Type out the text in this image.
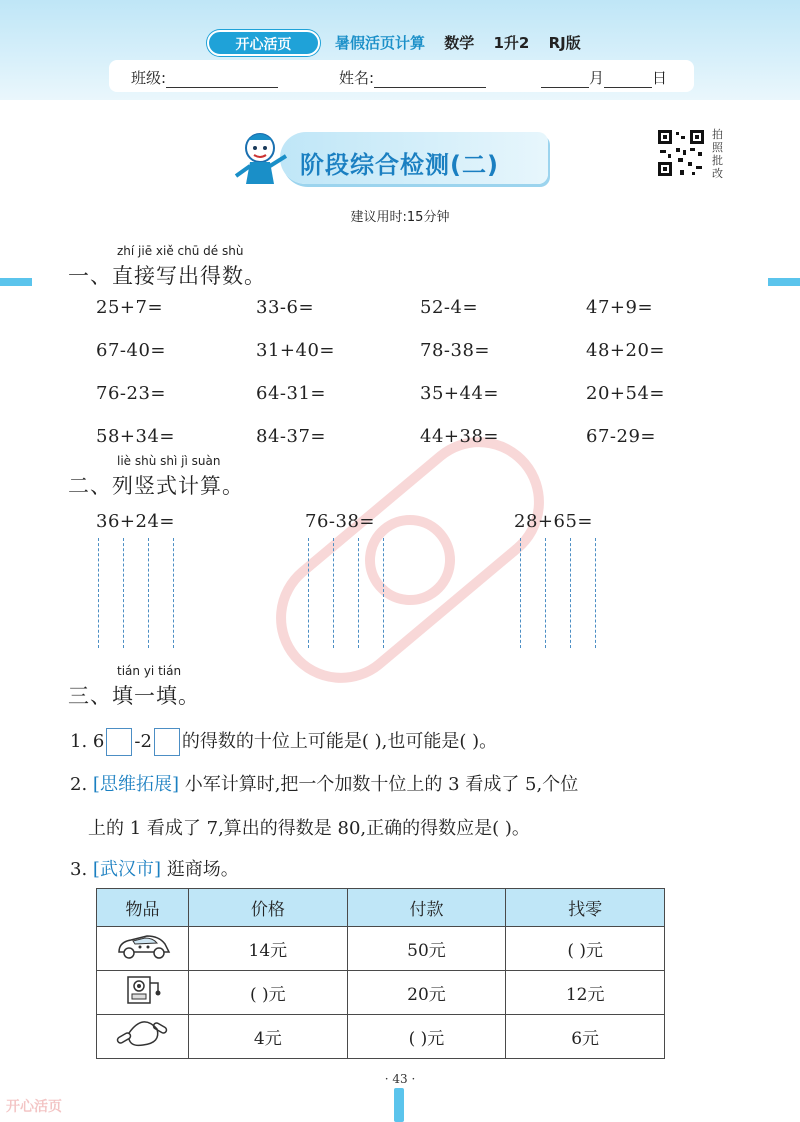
开心活页	暑假活页计算 数学 1升2 RJ版
班级:	姓名:	月	日
阶段综合检测(二)
拍照批改
建议用时:15分钟
zhí jiē xiě chū dé shù
一、直接写出得数。
25+7=	33-6=	52-4=	47+9=
67-40=	31+40=	78-38=	48+20=
76-23=	64-31=	35+44=	20+54=
58+34=	84-37=	44+38=	67-29=
liè shù shì jì suàn
二、列竖式计算。
36+24=	76-38=	28+65=
tián yi tián
三、填一填。
1. 6 -2 的得数的十位上可能是( ),也可能是( )。
2. [思维拓展] 小军计算时,把一个加数十位上的 3 看成了 5,个位
上的 1 看成了 7,算出的得数是 80,正确的得数应是( )。
3. [武汉市] 逛商场。
物品	价格	付款	找零
	14元	50元	( )元
	( )元	20元	12元
	4元	( )元	6元
· 43 ·
开心活页
